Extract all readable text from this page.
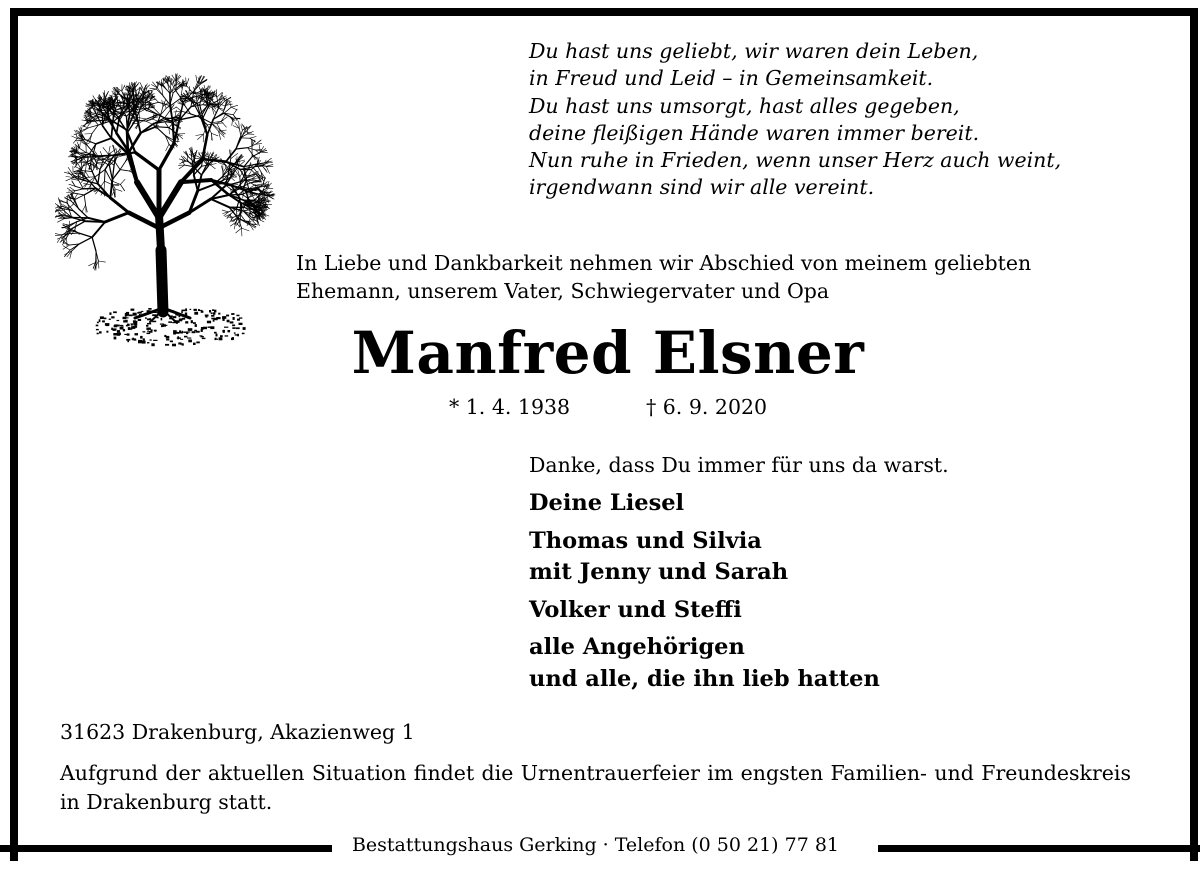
Bestattungshaus Gerking · Telefon (0 50 21) 77 81
Du hast uns geliebt, wir waren dein Leben,
in Freud und Leid – in Gemeinsamkeit.
Du hast uns umsorgt, hast alles gegeben,
deine fleißigen Hände waren immer bereit.
Nun ruhe in Frieden, wenn unser Herz auch weint,
irgendwann sind wir alle vereint.
In Liebe und Dankbarkeit nehmen wir Abschied von meinem geliebten
Ehemann, unserem Vater, Schwiegervater und Opa
Manfred Elsner
* 1. 4. 1938	† 6. 9. 2020
Danke, dass Du immer für uns da warst.
Deine Liesel
Thomas und Silvia
mit Jenny und Sarah
Volker und Steffi
alle Angehörigen
und alle, die ihn lieb hatten
31623 Drakenburg, Akazienweg 1
Aufgrund der aktuellen Situation findet die Urnentrauerfeier im engsten Familien- und Freundeskreis in Drakenburg statt.
